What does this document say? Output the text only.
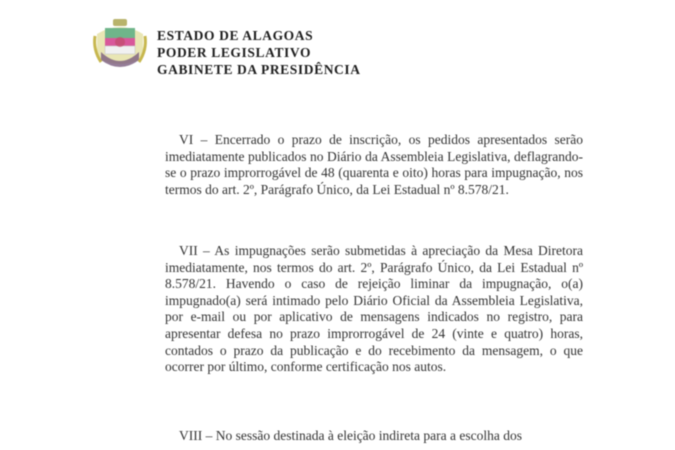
ESTADO DE ALAGOAS
PODER LEGISLATIVO
GABINETE DA PRESIDÊNCIA

VI – Encerrado o prazo de inscrição, os pedidos apresentados serão imediatamente publicados no Diário da Assembleia Legislativa, deflagrando-se o prazo improrrogável de 48 (quarenta e oito) horas para impugnação, nos termos do art. 2º, Parágrafo Único, da Lei Estadual nº 8.578/21.

VII – As impugnações serão submetidas à apreciação da Mesa Diretora imediatamente, nos termos do art. 2º, Parágrafo Único, da Lei Estadual nº 8.578/21. Havendo o caso de rejeição liminar da impugnação, o(a) impugnado(a) será intimado pelo Diário Oficial da Assembleia Legislativa, por e-mail ou por aplicativo de mensagens indicados no registro, para apresentar defesa no prazo improrrogável de 24 (vinte e quatro) horas, contados o prazo da publicação e do recebimento da mensagem, o que ocorrer por último, conforme certificação nos autos.

VIII – No sessão destinada à eleição indireta para a escolha dos
